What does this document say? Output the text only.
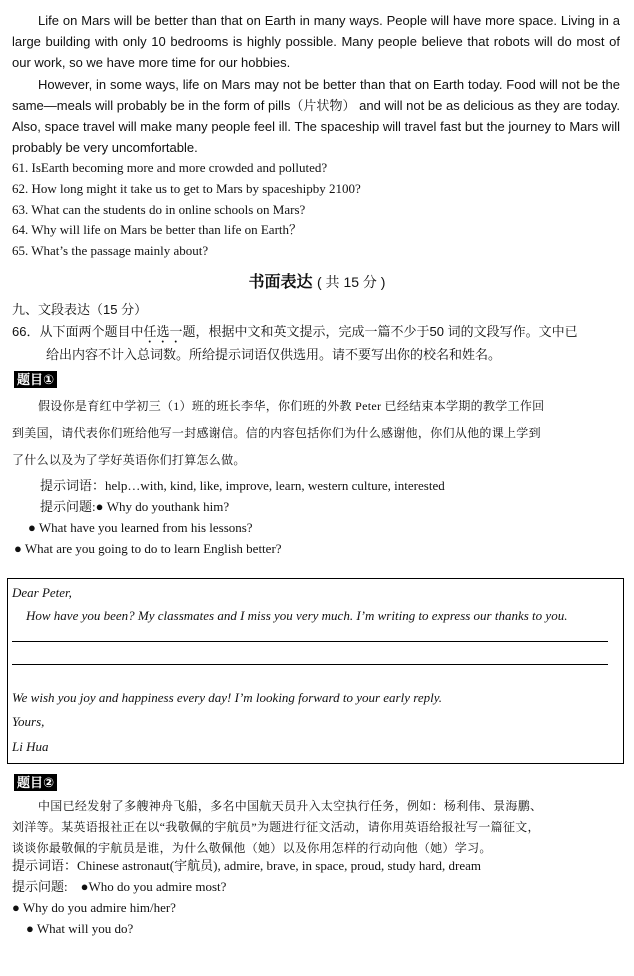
Life on Mars will be better than that on Earth in many ways. People will have more space. Living in a large building with only 10 bedrooms is highly possible. Many people believe that robots will do most of our work, so we have more time for our hobbies.
However, in some ways, life on Mars may not be better than that on Earth today. Food will not be the same—meals will probably be in the form of pills（片状物） and will not be as delicious as they are today. Also, space travel will make many people feel ill. The spaceship will travel fast but the journey to Mars will probably be very uncomfortable.
61. IsEarth becoming more and more crowded and polluted?
62. How long might it take us to get to Mars by spaceshipby 2100?
63. What can the students do in online schools on Mars?
64. Why will life on Mars be better than life on Earth？
65. What’s the passage mainly about?
书面表达 ( 共 15 分 )
九、文段表达（15 分）
66．从下面两个题目中任选一题，根据中文和英文提示，完成一篇不少于50 词的文段写作。文中已
给出内容不计入总词数。所给提示词语仅供选用。请不要写出你的校名和姓名。
题目①
假设你是育红中学初三（1）班的班长李华，你们班的外教 Peter 已经结束本学期的教学工作回
到美国，请代表你们班给他写一封感谢信。信的内容包括你们为什么感谢他，你们从他的课上学到
了什么以及为了学好英语你们打算怎么做。
提示词语：help…with, kind, like, improve, learn, western culture, interested
提示问题:● Why do youthank him?
● What have you learned from his lessons?
● What are you going to do to learn English better?
Dear Peter,
How have you been? My classmates and I miss you very much. I’m writing to express our thanks to you.
We wish you joy and happiness every day! I’m looking forward to your early reply.
Yours,
Li Hua
题目②
中国已经发射了多艘神舟飞船，多名中国航天员升入太空执行任务，例如：杨利伟、景海鹏、
刘洋等。某英语报社正在以“我敬佩的宇航员”为题进行征文活动，请你用英语给报社写一篇征文，
谈谈你最敬佩的宇航员是谁，为什么敬佩他（她）以及你用怎样的行动向他（她）学习。
提示词语：Chinese astronaut(宇航员), admire, brave, in space, proud, study hard, dream
提示问题:　●Who do you admire most?
● Why do you admire him/her?
● What will you do?
